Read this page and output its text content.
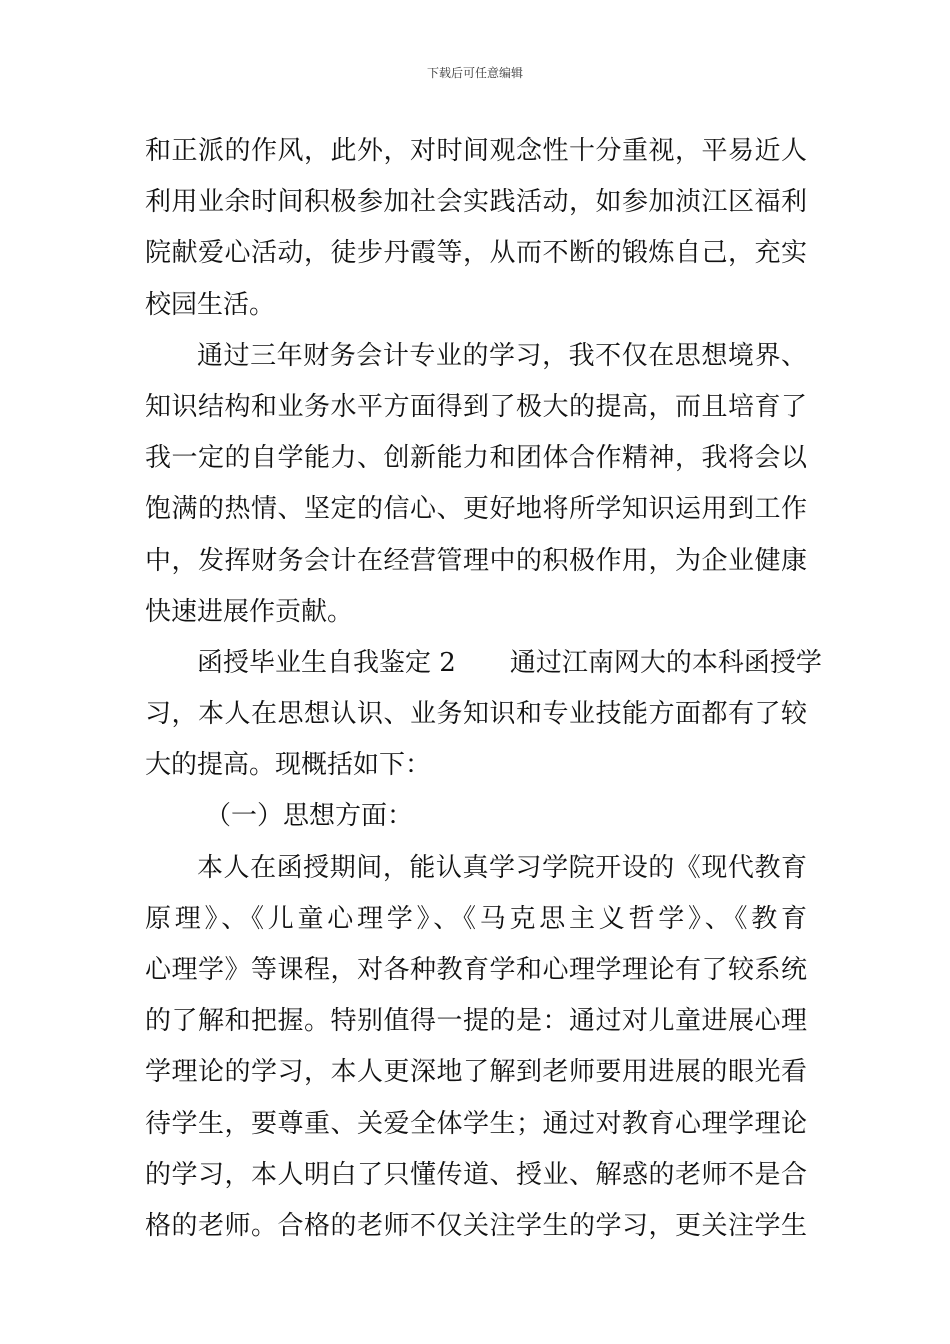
下载后可任意编辑
和正派的作风，此外，对时间观念性十分重视，平易近人
利用业余时间积极参加社会实践活动，如参加浈江区福利
院献爱心活动，徒步丹霞等，从而不断的锻炼自己，充实
校园生活。
通过三年财务会计专业的学习，我不仅在思想境界、
知识结构和业务水平方面得到了极大的提高，而且培育了
我一定的自学能力、创新能力和团体合作精神，我将会以
饱满的热情、坚定的信心、更好地将所学知识运用到工作
中，发挥财务会计在经营管理中的积极作用，为企业健康
快速进展作贡献。
函授毕业生自我鉴定 2 通过江南网大的本科函授学
习，本人在思想认识、业务知识和专业技能方面都有了较
大的提高。现概括如下：
（一）思想方面：
本人在函授期间，能认真学习学院开设的《现代教育
原理》、《儿童心理学》、《马克思主义哲学》、《教育
心理学》等课程，对各种教育学和心理学理论有了较系统
的了解和把握。特别值得一提的是：通过对儿童进展心理
学理论的学习，本人更深地了解到老师要用进展的眼光看
待学生，要尊重、关爱全体学生；通过对教育心理学理论
的学习，本人明白了只懂传道、授业、解惑的老师不是合
格的老师。合格的老师不仅关注学生的学习，更关注学生
